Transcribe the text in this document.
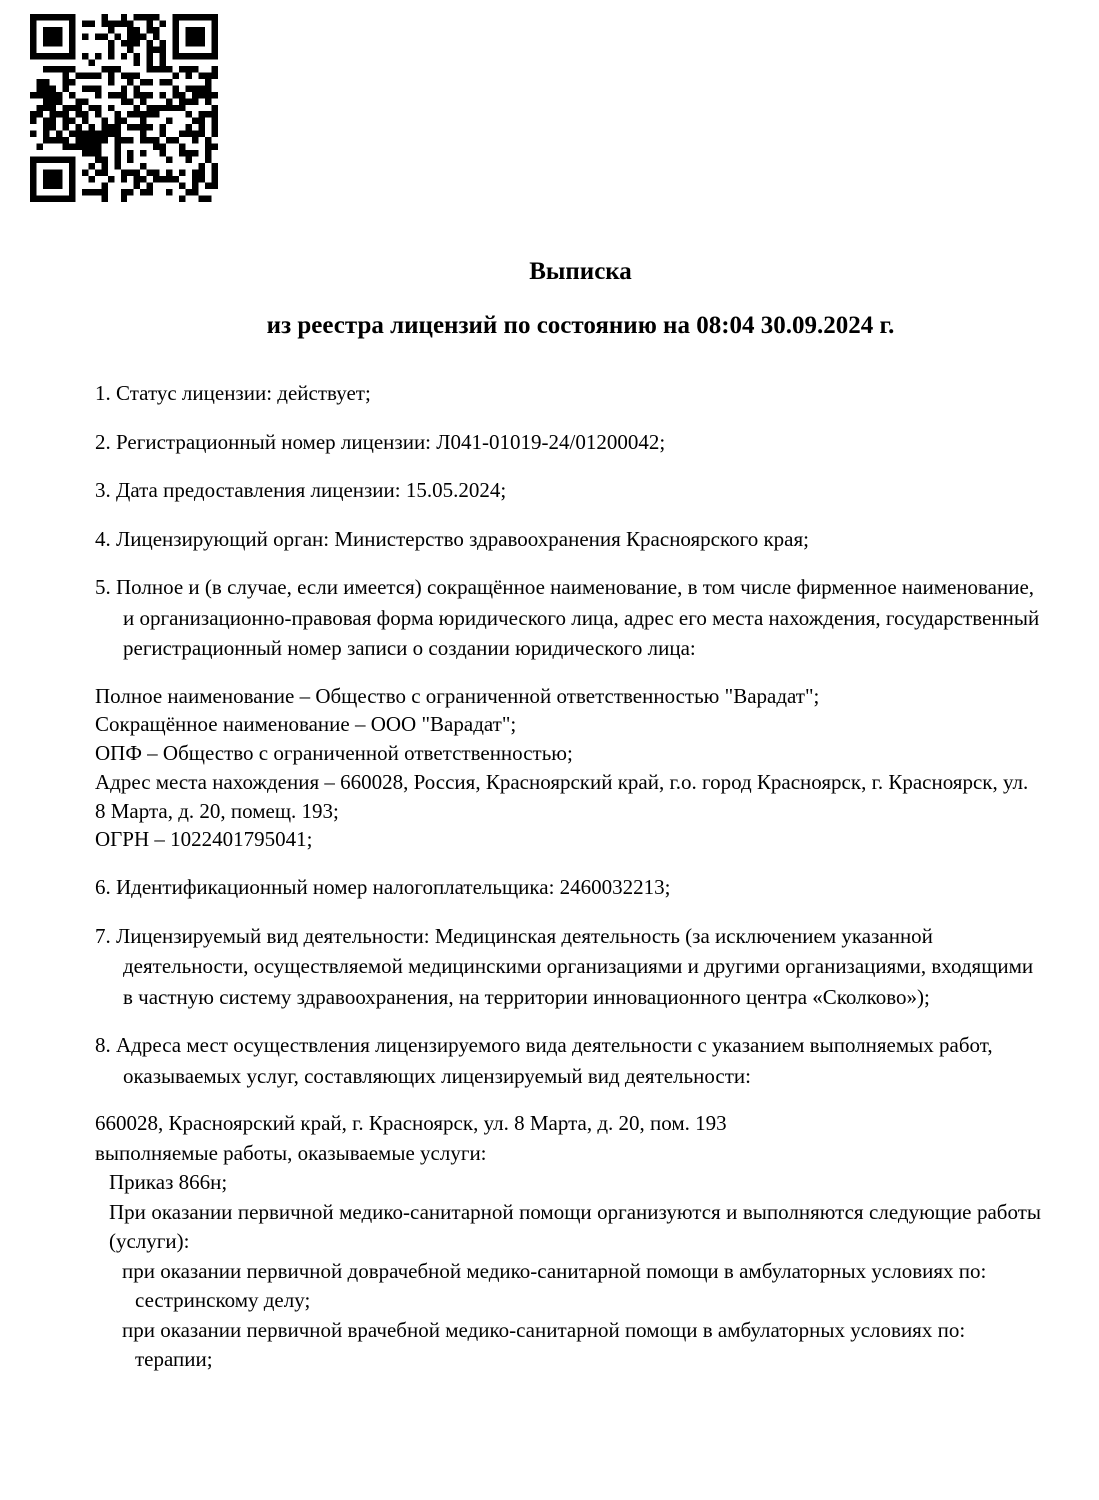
Выписка
из реестра лицензий по состоянию на 08:04 30.09.2024 г.
1. Статус лицензии: действует;
2. Регистрационный номер лицензии: Л041-01019-24/01200042;
3. Дата предоставления лицензии: 15.05.2024;
4. Лицензирующий орган: Министерство здравоохранения Красноярского края;
5. Полное и (в случае, если имеется) сокращённое наименование, в том числе фирменное наименование, и организационно-правовая форма юридического лица, адрес его места нахождения, государственный регистрационный номер записи о создании юридического лица:
Полное наименование – Общество с ограниченной ответственностью "Варадат";
Сокращённое наименование – ООО "Варадат";
ОПФ – Общество с ограниченной ответственностью;
Адрес места нахождения – 660028, Россия, Красноярский край, г.о. город Красноярск, г. Красноярск, ул. 8 Марта, д. 20, помещ. 193;
ОГРН – 1022401795041;
6. Идентификационный номер налогоплательщика: 2460032213;
7. Лицензируемый вид деятельности: Медицинская деятельность (за исключением указанной деятельности, осуществляемой медицинскими организациями и другими организациями, входящими в частную систему здравоохранения, на территории инновационного центра «Сколково»);
8. Адреса мест осуществления лицензируемого вида деятельности с указанием выполняемых работ, оказываемых услуг, составляющих лицензируемый вид деятельности:
660028, Красноярский край, г. Красноярск, ул. 8 Марта, д. 20, пом. 193
выполняемые работы, оказываемые услуги:
Приказ 866н;
При оказании первичной медико-санитарной помощи организуются и выполняются следующие работы (услуги):
при оказании первичной доврачебной медико-санитарной помощи в амбулаторных условиях по:
сестринскому делу;
при оказании первичной врачебной медико-санитарной помощи в амбулаторных условиях по:
терапии;
